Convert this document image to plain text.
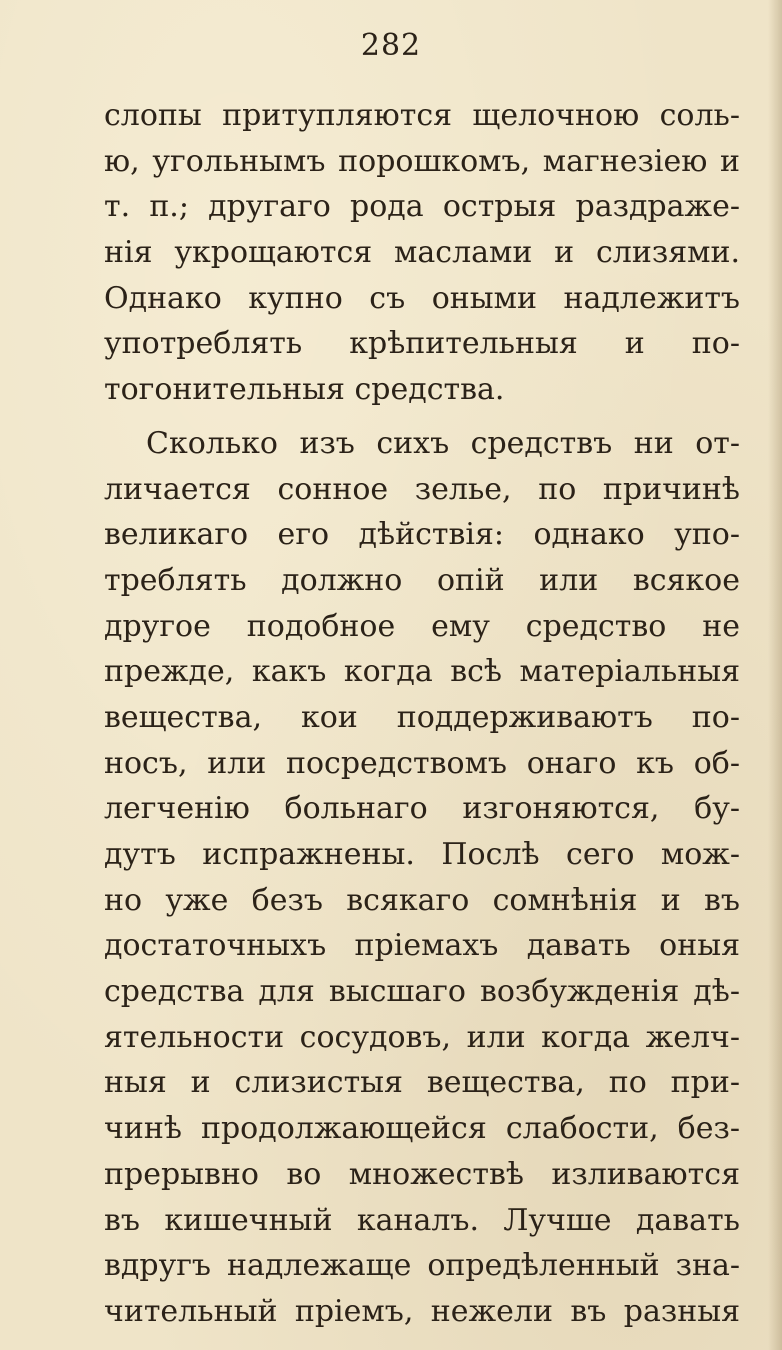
282
слопы притупляются щелочною соль-
ю, угольнымъ порошкомъ, магнезіею и
т. п.; другаго рода острыя раздраже-
нія укрощаются маслами и слизями.
Однако купно съ оными надлежитъ
употреблять крѣпительныя и по-
тогонительныя средства.
Сколько изъ сихъ средствъ ни от-
личается сонное зелье, по причинѣ
великаго его дѣйствія: однако упо-
треблять должно опій или всякое
другое подобное ему средство не
прежде, какъ когда всѣ матеріальныя
вещества, кои поддерживаютъ по-
носъ, или посредствомъ онаго къ об-
легченію больнаго изгоняются, бу-
дутъ испражнены. Послѣ сего мож-
но уже безъ всякаго сомнѣнія и въ
достаточныхъ пріемахъ давать оныя
средства для высшаго возбужденія дѣ-
ятельности сосудовъ, или когда желч-
ныя и слизистыя вещества, по при-
чинѣ продолжающейся слабости, без-
прерывно во множествѣ изливаются
въ кишечный каналъ. Лучше давать
вдругъ надлежаще опредѣленный зна-
чительный пріемъ, нежели въ разныя
